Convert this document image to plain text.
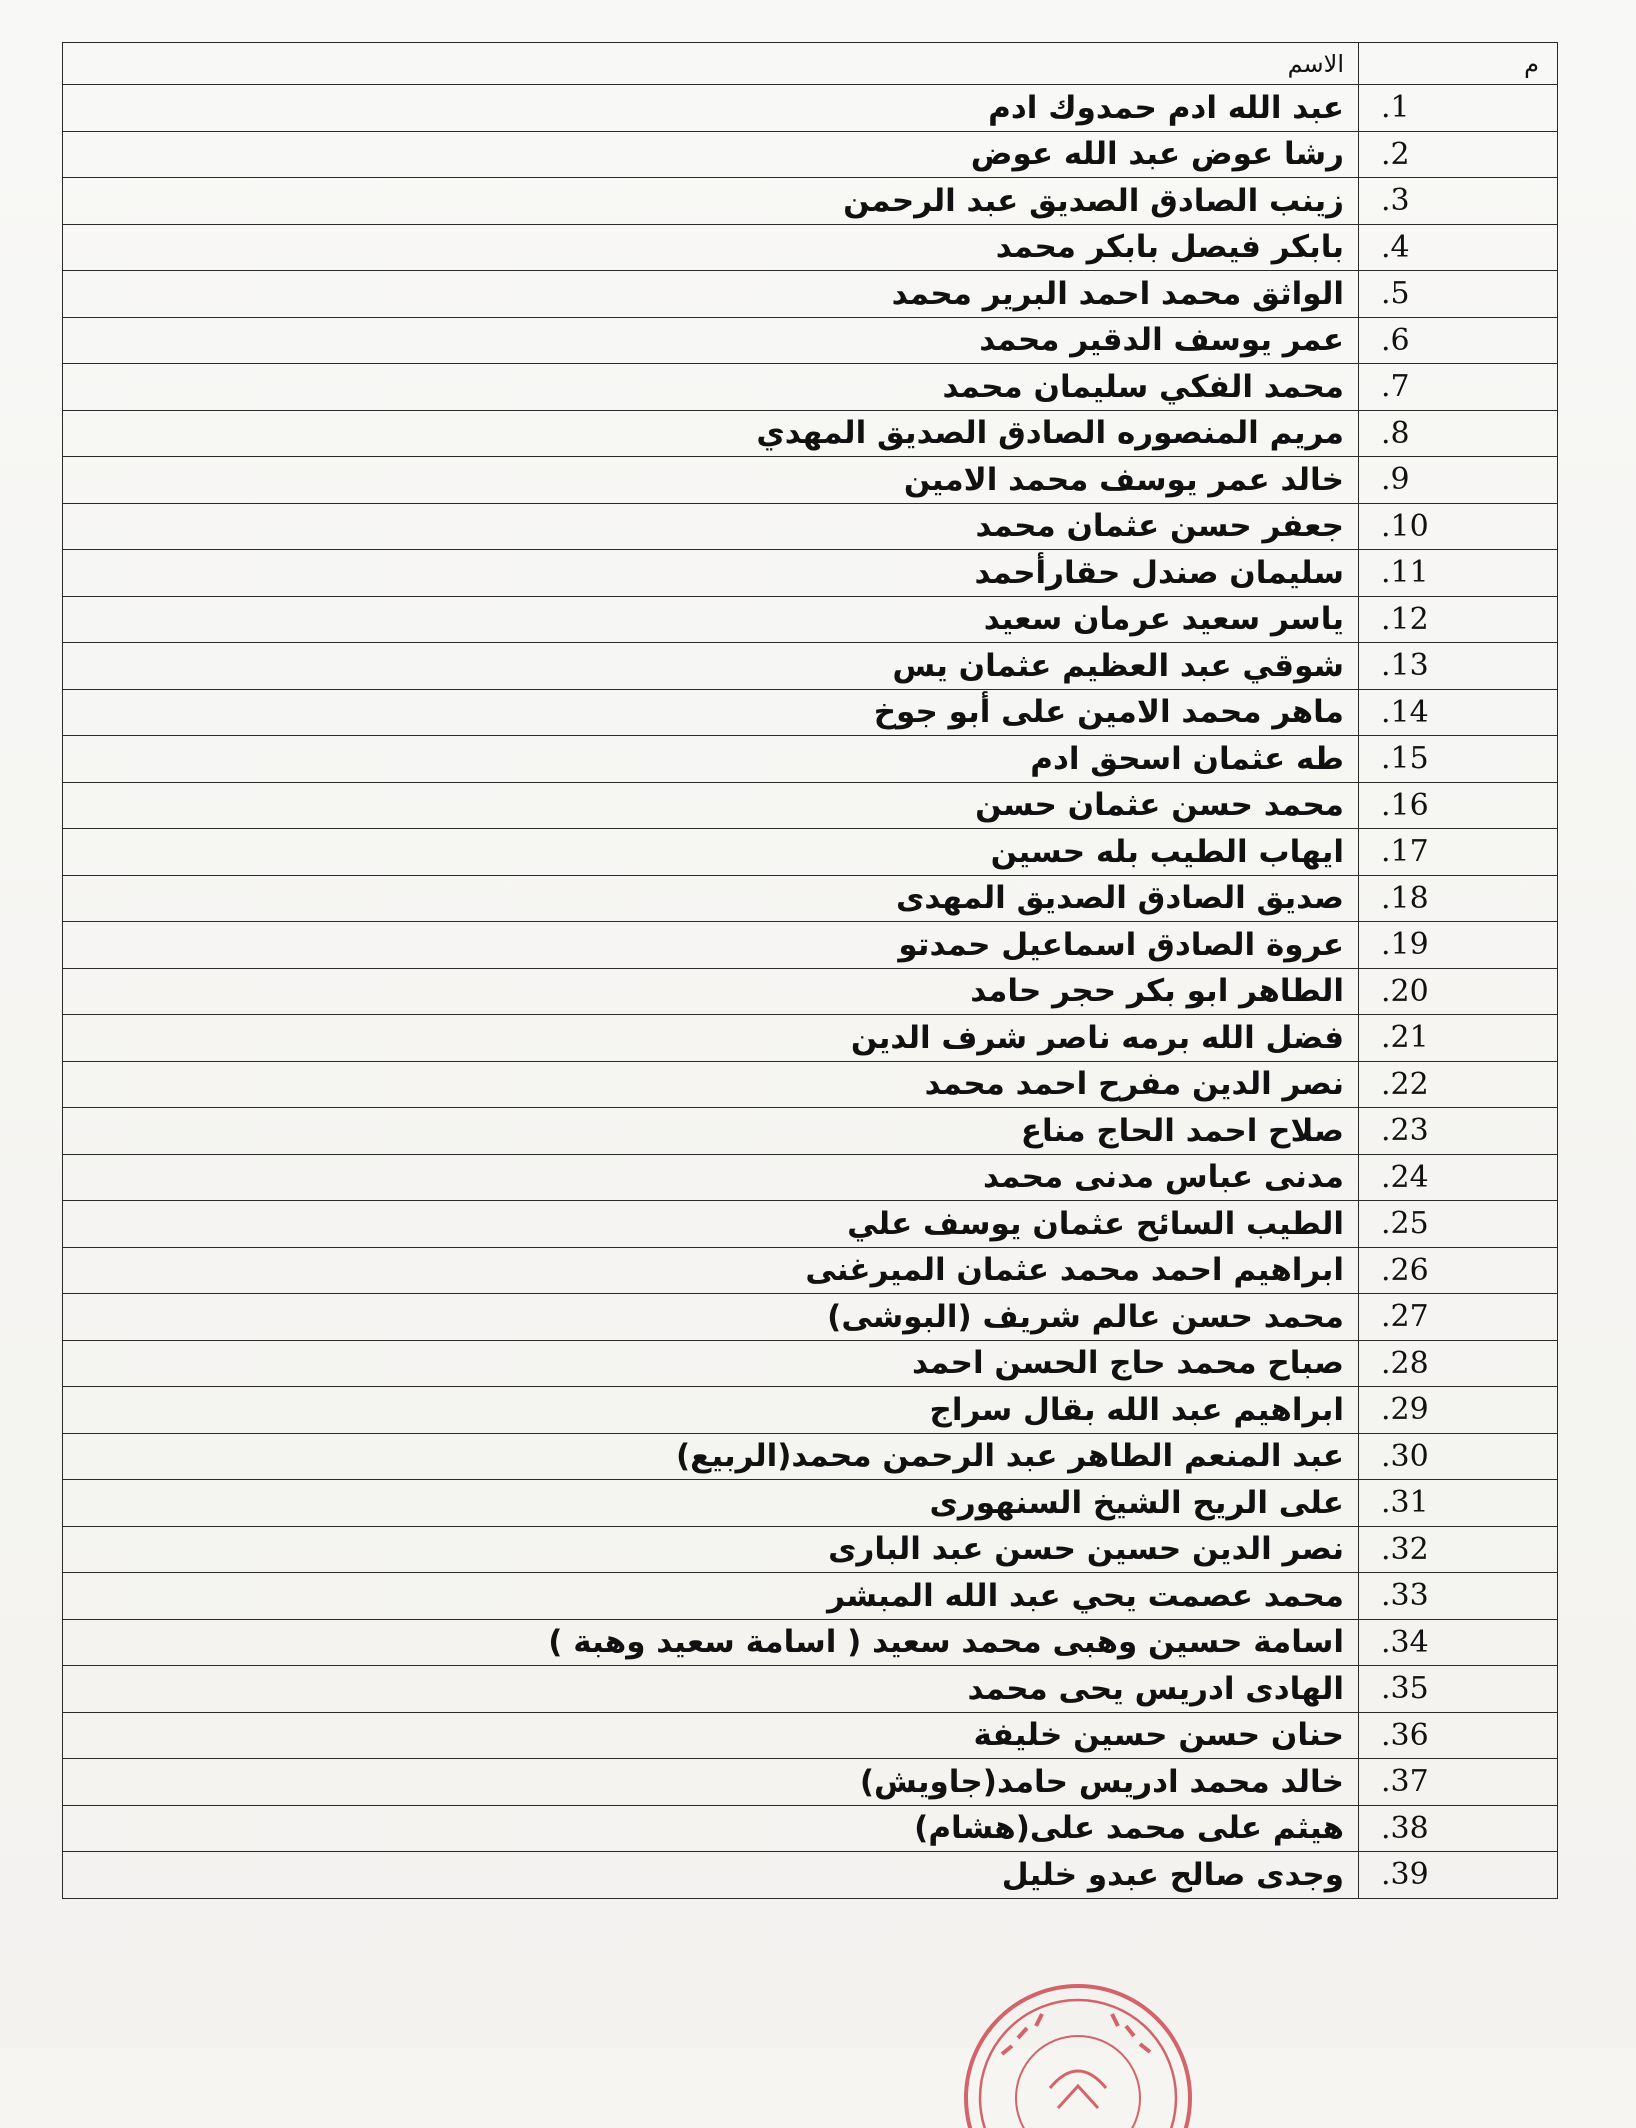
م	الاسم
.1	عبد الله ادم حمدوك ادم
.2	رشا عوض عبد الله عوض
.3	زينب الصادق الصديق عبد الرحمن
.4	بابكر فيصل بابكر محمد
.5	الواثق محمد احمد البرير محمد
.6	عمر يوسف الدقير محمد
.7	محمد الفكي سليمان محمد
.8	مريم المنصوره الصادق الصديق المهدي
.9	خالد عمر يوسف محمد الامين
.10	جعفر حسن عثمان محمد
.11	سليمان صندل حقارأحمد
.12	ياسر سعيد عرمان سعيد
.13	شوقي عبد العظيم عثمان يس
.14	ماهر محمد الامين على أبو جوخ
.15	طه عثمان اسحق ادم
.16	محمد حسن عثمان حسن
.17	ايهاب الطيب بله حسين
.18	صديق الصادق الصديق المهدى
.19	عروة الصادق اسماعيل حمدتو
.20	الطاهر ابو بكر حجر حامد
.21	فضل الله برمه ناصر شرف الدين
.22	نصر الدين مفرح احمد محمد
.23	صلاح احمد الحاج مناع
.24	مدنى عباس مدنى محمد
.25	الطيب السائح عثمان يوسف علي
.26	ابراهيم احمد محمد عثمان الميرغنى
.27	محمد حسن عالم شريف (البوشى)
.28	صباح محمد حاج الحسن احمد
.29	ابراهيم عبد الله بقال سراج
.30	عبد المنعم الطاهر عبد الرحمن محمد(الربيع)
.31	على الريح الشيخ السنهورى
.32	نصر الدين حسين حسن عبد البارى
.33	محمد عصمت يحي عبد الله المبشر
.34	اسامة حسين وهبى محمد سعيد ( اسامة سعيد وهبة )
.35	الهادى ادريس يحى محمد
.36	حنان حسن حسين خليفة
.37	خالد محمد ادريس حامد(جاويش)
.38	هيثم على محمد على(هشام)
.39	وجدى صالح عبدو خليل
